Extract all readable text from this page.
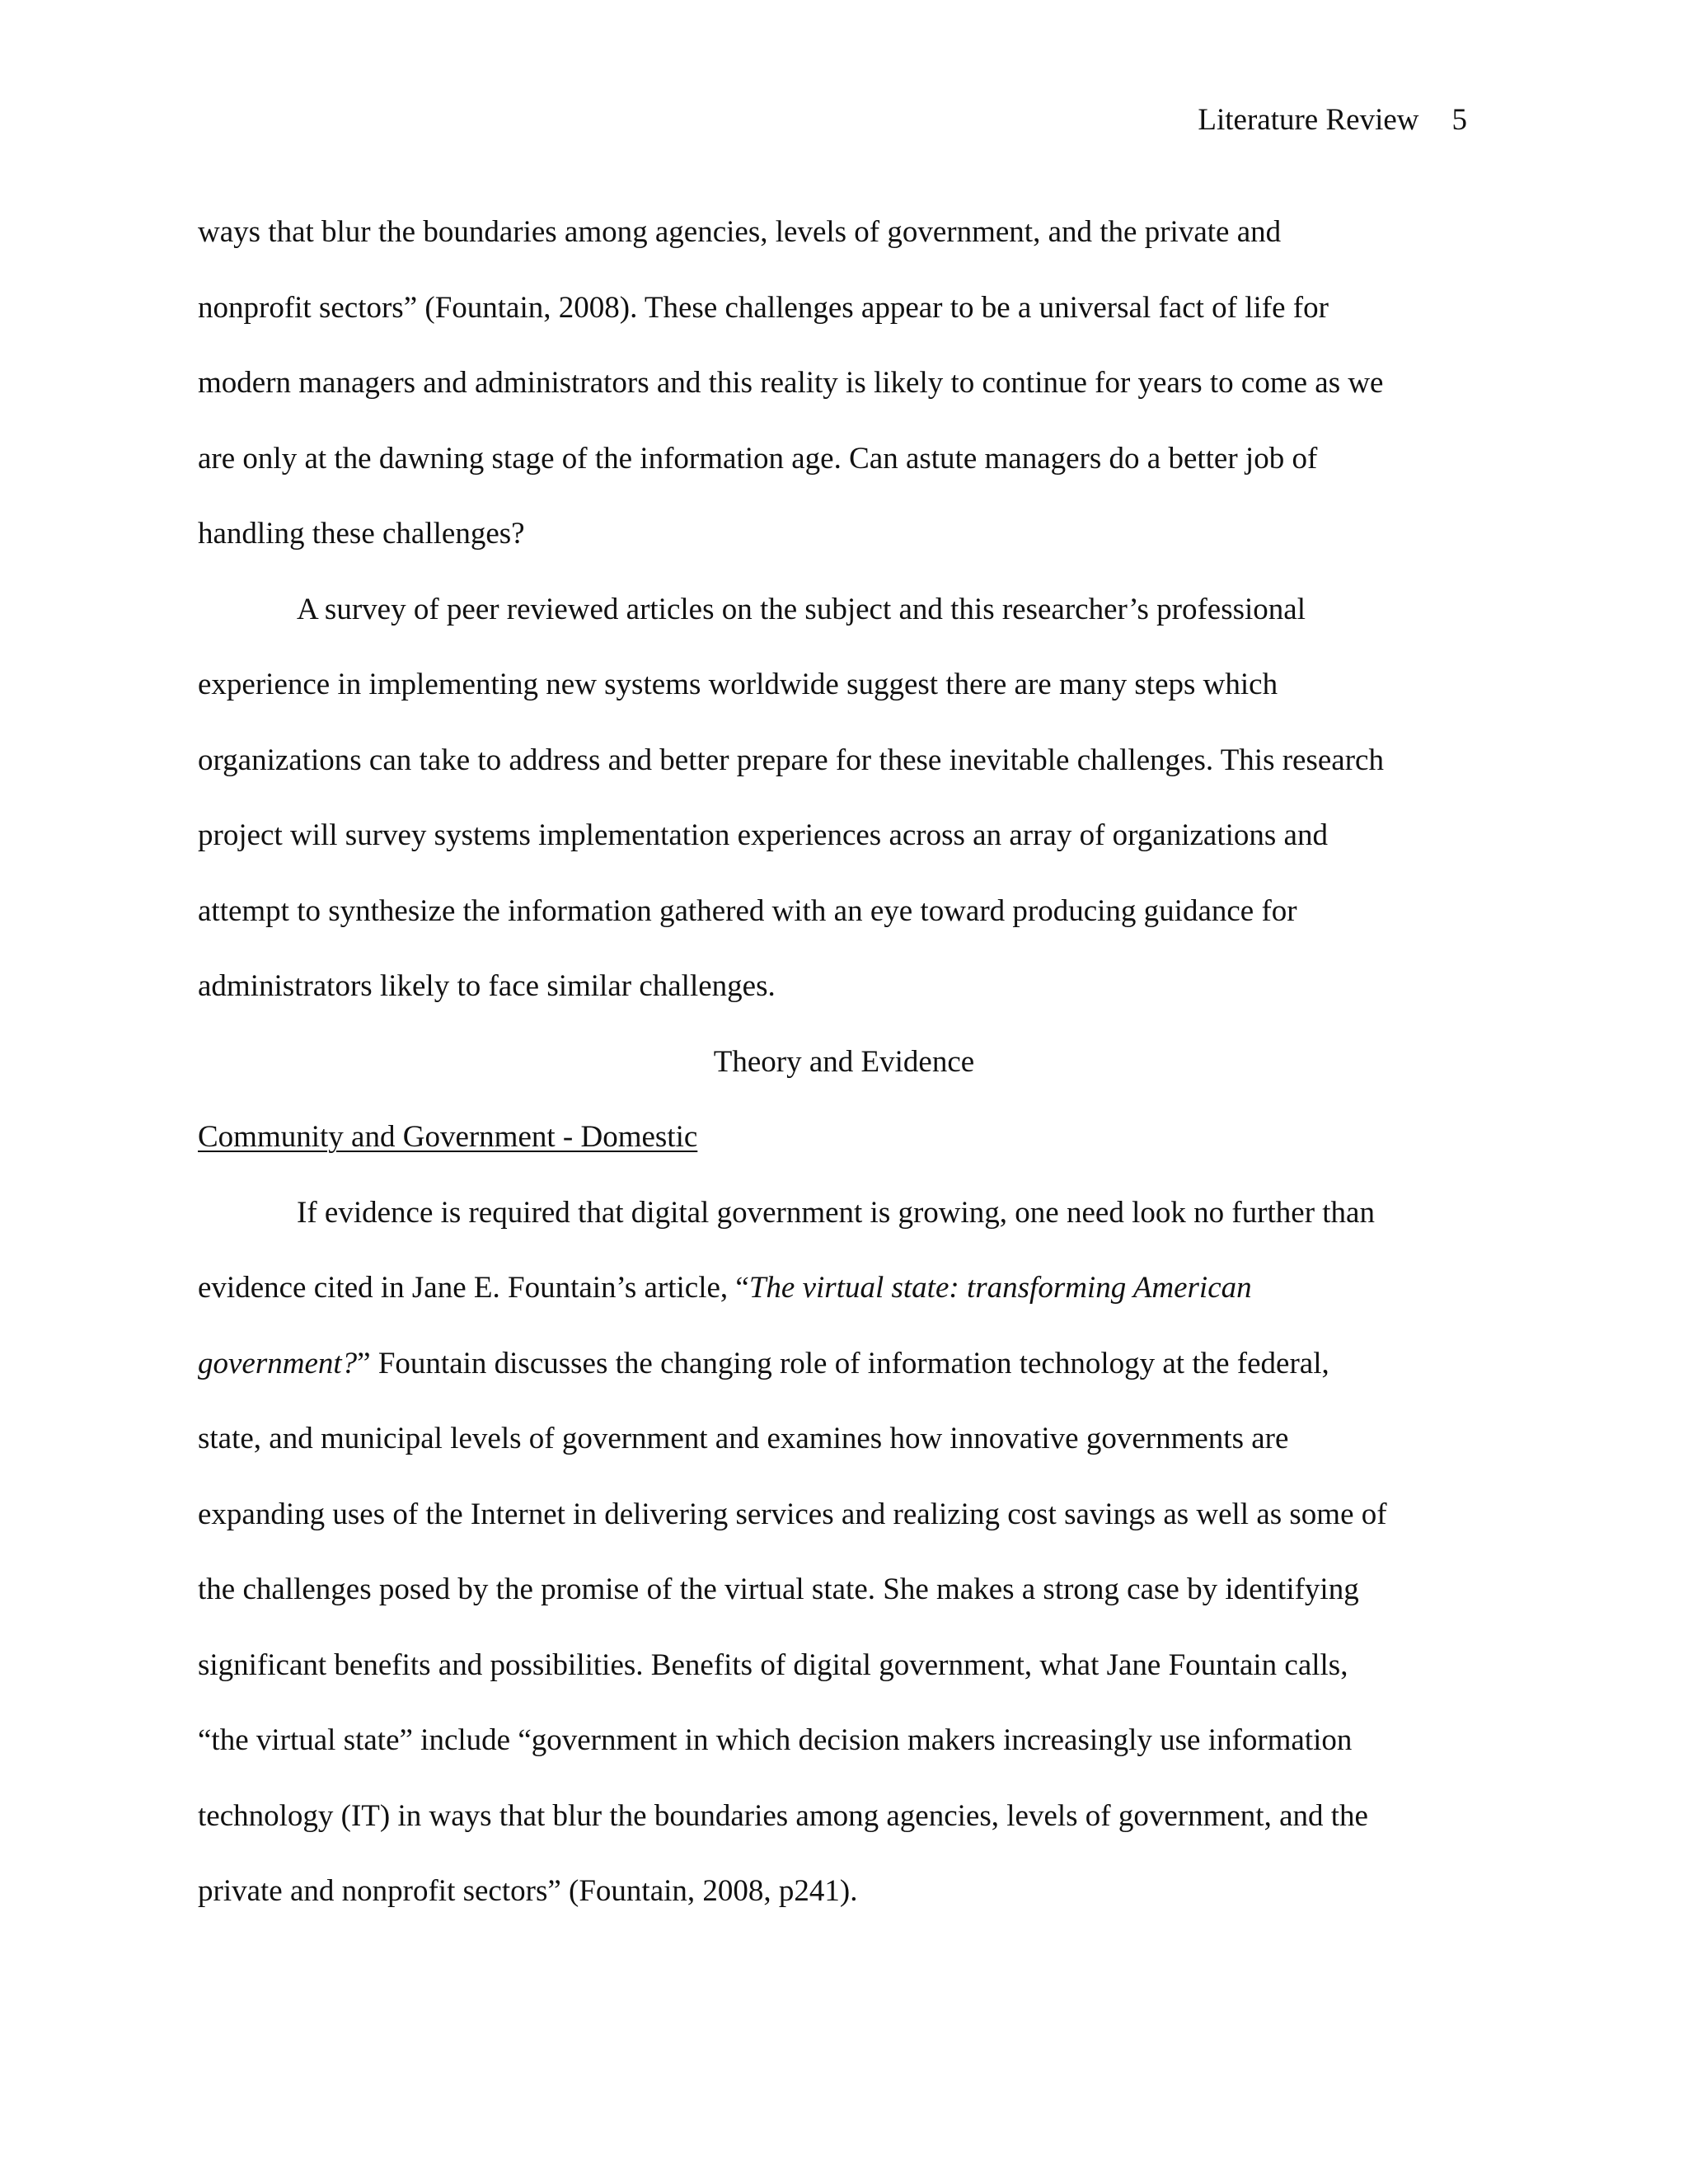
Literature Review 5
ways that blur the boundaries among agencies, levels of government, and the private and
nonprofit sectors” (Fountain, 2008). These challenges appear to be a universal fact of life for
modern managers and administrators and this reality is likely to continue for years to come as we
are only at the dawning stage of the information age. Can astute managers do a better job of
handling these challenges?
A survey of peer reviewed articles on the subject and this researcher’s professional
experience in implementing new systems worldwide suggest there are many steps which
organizations can take to address and better prepare for these inevitable challenges. This research
project will survey systems implementation experiences across an array of organizations and
attempt to synthesize the information gathered with an eye toward producing guidance for
administrators likely to face similar challenges.
Theory and Evidence
Community and Government - Domestic
If evidence is required that digital government is growing, one need look no further than
evidence cited in Jane E. Fountain’s article, “The virtual state: transforming American
government?” Fountain discusses the changing role of information technology at the federal,
state, and municipal levels of government and examines how innovative governments are
expanding uses of the Internet in delivering services and realizing cost savings as well as some of
the challenges posed by the promise of the virtual state. She makes a strong case by identifying
significant benefits and possibilities. Benefits of digital government, what Jane Fountain calls,
“the virtual state” include “government in which decision makers increasingly use information
technology (IT) in ways that blur the boundaries among agencies, levels of government, and the
private and nonprofit sectors” (Fountain, 2008, p241).
